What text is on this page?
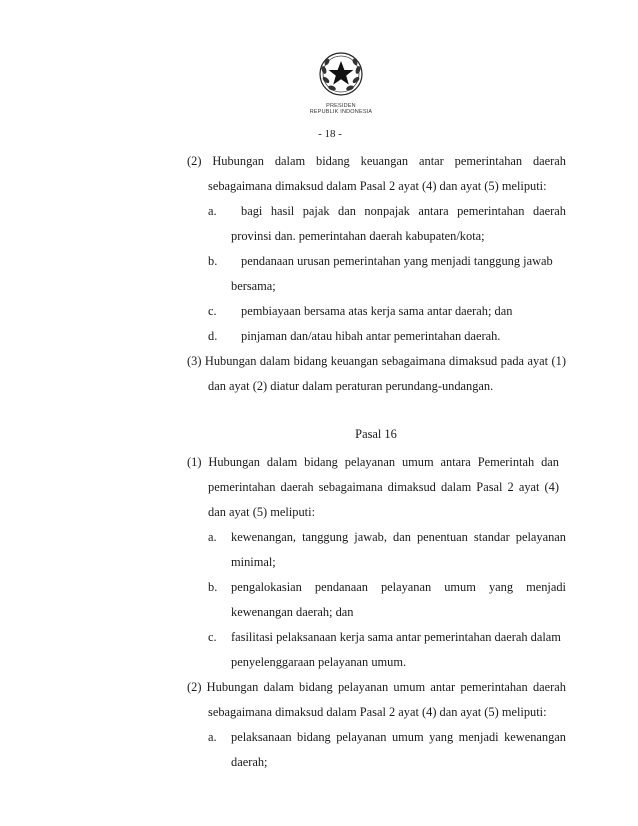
PRESIDEN
REPUBLIK INDONESIA
- 18 -
(2) Hubungan dalam bidang keuangan antar pemerintahan daerah
sebagaimana dimaksud dalam Pasal 2 ayat (4) dan ayat (5) meliputi:
a. bagi hasil pajak dan nonpajak antara pemerintahan daerah
provinsi dan. pemerintahan daerah kabupaten/kota;
b. pendanaan urusan pemerintahan yang menjadi tanggung jawab
bersama;
c. pembiayaan bersama atas kerja sama antar daerah; dan
d. pinjaman dan/atau hibah antar pemerintahan daerah.
(3) Hubungan dalam bidang keuangan sebagaimana dimaksud pada ayat (1)
dan ayat (2) diatur dalam peraturan perundang-undangan.
Pasal 16
(1) Hubungan dalam bidang pelayanan umum antara Pemerintah dan
pemerintahan daerah sebagaimana dimaksud dalam Pasal 2 ayat (4)
dan ayat (5) meliputi:
a. kewenangan, tanggung jawab, dan penentuan standar pelayanan
minimal;
b. pengalokasian pendanaan pelayanan umum yang menjadi
kewenangan daerah; dan
c. fasilitasi pelaksanaan kerja sama antar pemerintahan daerah dalam
penyelenggaraan pelayanan umum.
(2) Hubungan dalam bidang pelayanan umum antar pemerintahan daerah
sebagaimana dimaksud dalam Pasal 2 ayat (4) dan ayat (5) meliputi:
a. pelaksanaan bidang pelayanan umum yang menjadi kewenangan
daerah;
